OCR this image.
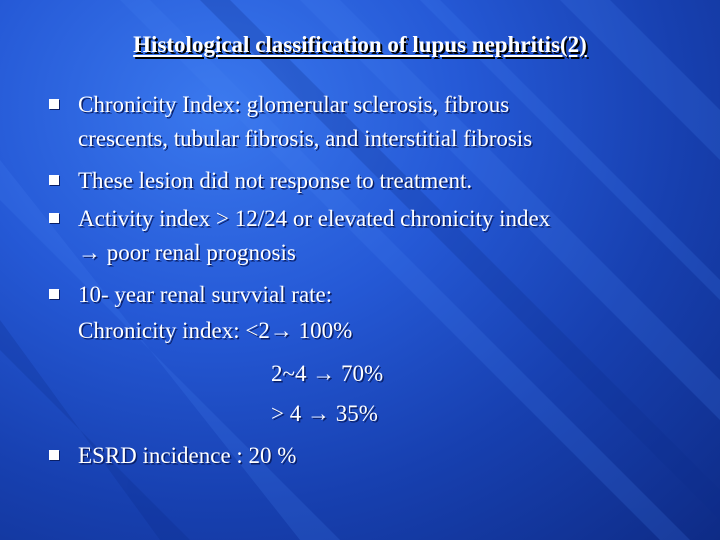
Histological classification of lupus nephritis(2)
Chronicity Index: glomerular sclerosis, fibrous
crescents, tubular fibrosis, and interstitial fibrosis
These lesion did not response to treatment.
Activity index > 12/24 or elevated chronicity index
→ poor renal prognosis
10- year renal survvial rate:
Chronicity index: <2→ 100%
2~4 → 70%
> 4 → 35%
ESRD incidence : 20 %
